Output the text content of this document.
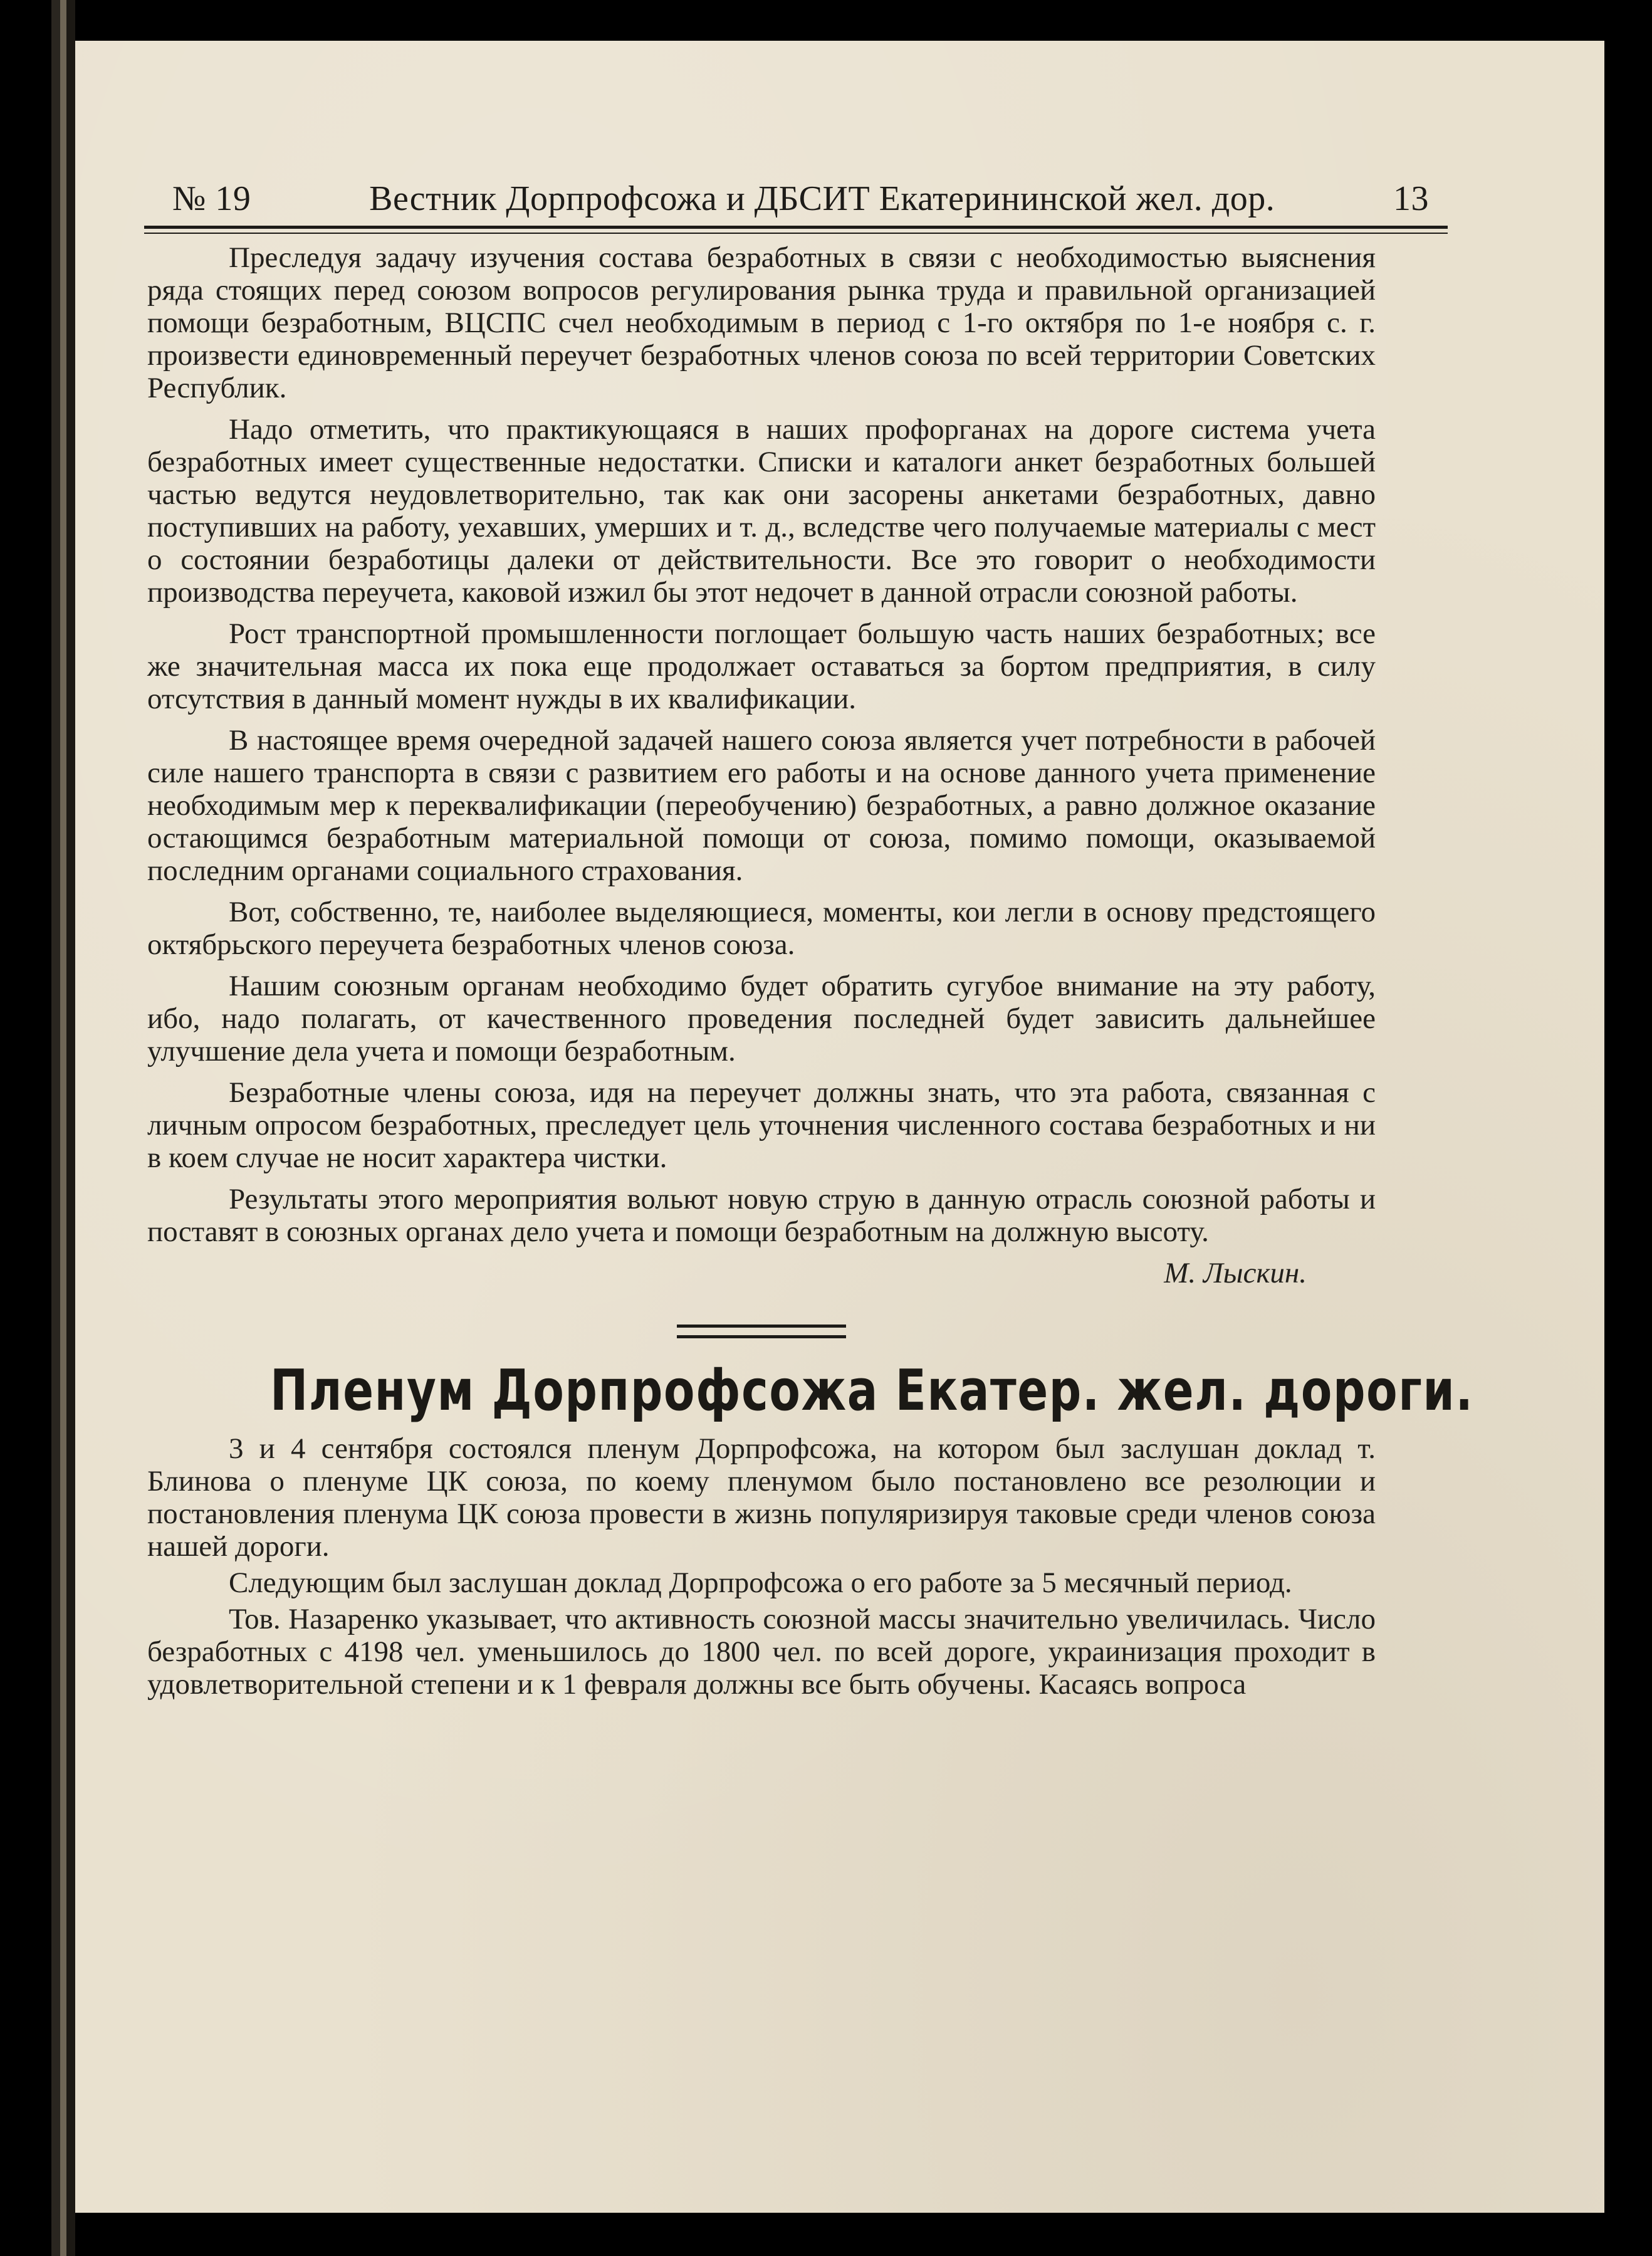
№ 19	Вестник Дорпрофсожа и ДБСИТ Екатерининской жел. дор.	13

Преследуя задачу изучения состава безработных в связи с необходимостью выяснения ряда стоящих перед союзом вопросов регулирования рынка труда и правильной организацией помощи безработным, ВЦСПС счел необходимым в период с 1-го октября по 1-е ноября с. г. произвести единовременный переучет безработных членов союза по всей территории Советских Республик.

Надо отметить, что практикующаяся в наших профорганах на дороге система учета безработных имеет существенные недостатки. Списки и каталоги анкет безработных большей частью ведутся неудовлетворительно, так как они засорены анкетами безработных, давно поступивших на работу, уехавших, умерших и т. д., вследстве чего получаемые материалы с мест о состоянии безработицы далеки от действительности. Все это говорит о необходимости производства переучета, каковой изжил бы этот недочет в данной отрасли союзной работы.

Рост транспортной промышленности поглощает большую часть наших безработных; все же значительная масса их пока еще продолжает оставаться за бортом предприятия, в силу отсутствия в данный момент нужды в их квалификации.

В настоящее время очередной задачей нашего союза является учет потребности в рабочей силе нашего транспорта в связи с развитием его работы и на основе данного учета применение необходимым мер к переквалификации (переобучению) безработных, а равно должное оказание остающимся безработным материальной помощи от союза, помимо помощи, оказываемой последним органами социального страхования.

Вот, собственно, те, наиболее выделяющиеся, моменты, кои легли в основу предстоящего октябрьского переучета безработных членов союза.

Нашим союзным органам необходимо будет обратить сугубое внимание на эту работу, ибо, надо полагать, от качественного проведения последней будет зависить дальнейшее улучшение дела учета и помощи безработным.

Безработные члены союза, идя на переучет должны знать, что эта работа, связанная с личным опросом безработных, преследует цель уточнения численного состава безработных и ни в коем случае не носит характера чистки.

Результаты этого мероприятия вольют новую струю в данную отрасль союзной работы и поставят в союзных органах дело учета и помощи безработным на должную высоту.

М. Лыскин.
Пленум Дорпрофсожа Екатер. жел. дороги.

3 и 4 сентября состоялся пленум Дорпрофсожа, на котором был заслушан доклад т. Блинова о пленуме ЦК союза, по коему пленумом было постановлено все резолюции и постановления пленума ЦК союза провести в жизнь популяризируя таковые среди членов союза нашей дороги.

Следующим был заслушан доклад Дорпрофсожа о его работе за 5 месячный период.

Тов. Назаренко указывает, что активность союзной массы значительно увеличилась. Число безработных с 4198 чел. уменьшилось до 1800 чел. по всей дороге, украинизация проходит в удовлетворительной степени и к 1 февраля должны все быть обучены. Касаясь вопроса
